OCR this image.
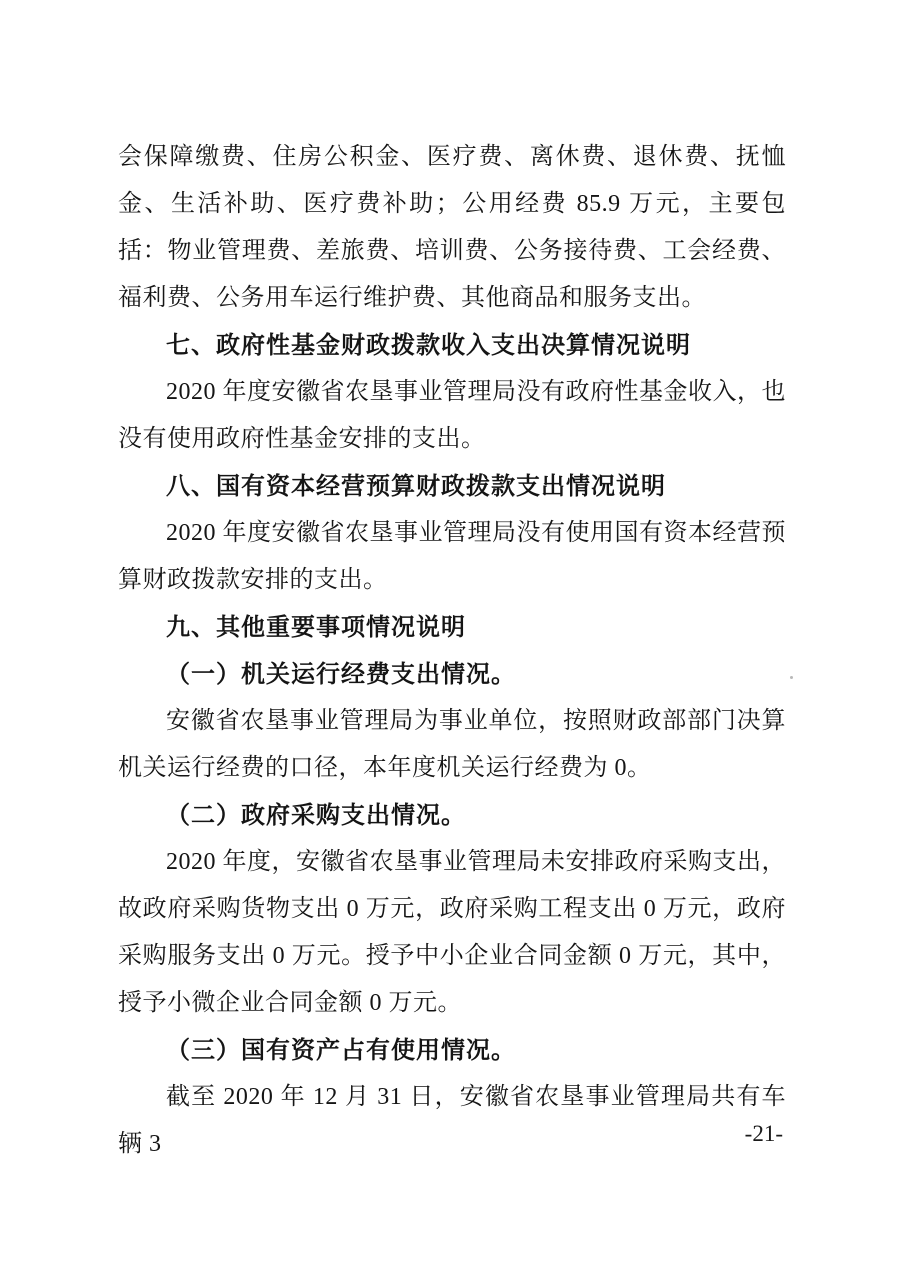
会保障缴费、住房公积金、医疗费、离休费、退休费、抚恤金、生活补助、医疗费补助；公用经费 85.9 万元，主要包括：物业管理费、差旅费、培训费、公务接待费、工会经费、福利费、公务用车运行维护费、其他商品和服务支出。

七、政府性基金财政拨款收入支出决算情况说明

2020 年度安徽省农垦事业管理局没有政府性基金收入，也没有使用政府性基金安排的支出。

八、国有资本经营预算财政拨款支出情况说明

2020 年度安徽省农垦事业管理局没有使用国有资本经营预算财政拨款安排的支出。

九、其他重要事项情况说明

（一）机关运行经费支出情况。

安徽省农垦事业管理局为事业单位，按照财政部部门决算机关运行经费的口径，本年度机关运行经费为 0。

（二）政府采购支出情况。

2020 年度，安徽省农垦事业管理局未安排政府采购支出，故政府采购货物支出 0 万元，政府采购工程支出 0 万元，政府采购服务支出 0 万元。授予中小企业合同金额 0 万元，其中，授予小微企业合同金额 0 万元。

（三）国有资产占有使用情况。

截至 2020 年 12 月 31 日，安徽省农垦事业管理局共有车辆 3	-21-
